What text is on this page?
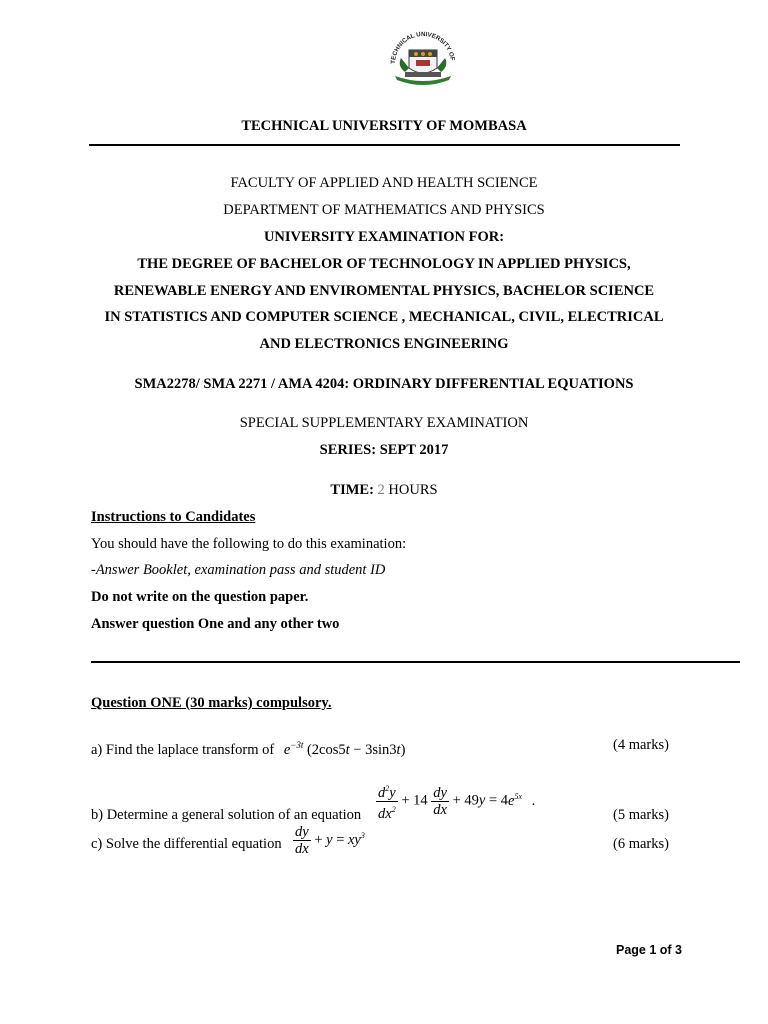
TECHNICAL UNIVERSITY OF
TECHNICAL UNIVERSITY OF MOMBASA
FACULTY OF APPLIED AND HEALTH SCIENCE
DEPARTMENT OF MATHEMATICS AND PHYSICS
UNIVERSITY EXAMINATION FOR:
THE DEGREE OF BACHELOR OF TECHNOLOGY IN APPLIED PHYSICS,
RENEWABLE ENERGY AND ENVIROMENTAL PHYSICS, BACHELOR SCIENCE
IN STATISTICS AND COMPUTER SCIENCE , MECHANICAL, CIVIL, ELECTRICAL
AND ELECTRONICS ENGINEERING
SMA2278/ SMA 2271 / AMA 4204: ORDINARY DIFFERENTIAL EQUATIONS
SPECIAL SUPPLEMENTARY EXAMINATION
SERIES: SEPT 2017
TIME: 2 HOURS
Instructions to Candidates
You should have the following to do this examination:
-Answer Booklet, examination pass and student ID
Do not write on the question paper.
Answer question One and any other two
Question ONE (30 marks) compulsory.
a) Find the laplace transform of $e^{-3t}$ (2cos5t − 3sin3t)	(4 marks)
b) Determine a general solution of an equation $\frac{d^2y}{dx^2} + 14 \frac{dy}{dx} + 49y = 4e^{5x}$ .
(5 marks)
c) Solve the differential equation $\frac{dy}{dx} + y = xy^3$
(6 marks)
Page 1 of 3
